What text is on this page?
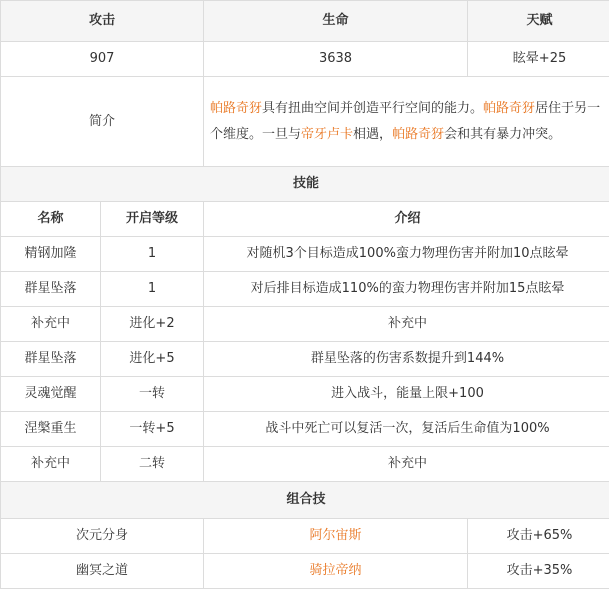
攻击		生命	天赋
907		3638	眩晕+25
简介		帕路奇犽具有扭曲空间并创造平行空间的能力。帕路奇犽居住于另一个维度。一旦与帝牙卢卡相遇，帕路奇犽会和其有暴力冲突。	

技能			
名称	开启等级	介绍	
精钢加隆	1	对随机3个目标造成100%蛮力物理伤害并附加10点眩晕	
群星坠落	1	对后排目标造成110%的蛮力物理伤害并附加15点眩晕	
补充中	进化+2	补充中	
群星坠落	进化+5	群星坠落的伤害系数提升到144%	
灵魂觉醒	一转	进入战斗，能量上限+100	
涅槃重生	一转+5	战斗中死亡可以复活一次，复活后生命值为100%	
补充中	二转	补充中	
组合技			
次元分身		阿尔宙斯	攻击+65%
幽冥之道		骑拉帝纳	攻击+35%
